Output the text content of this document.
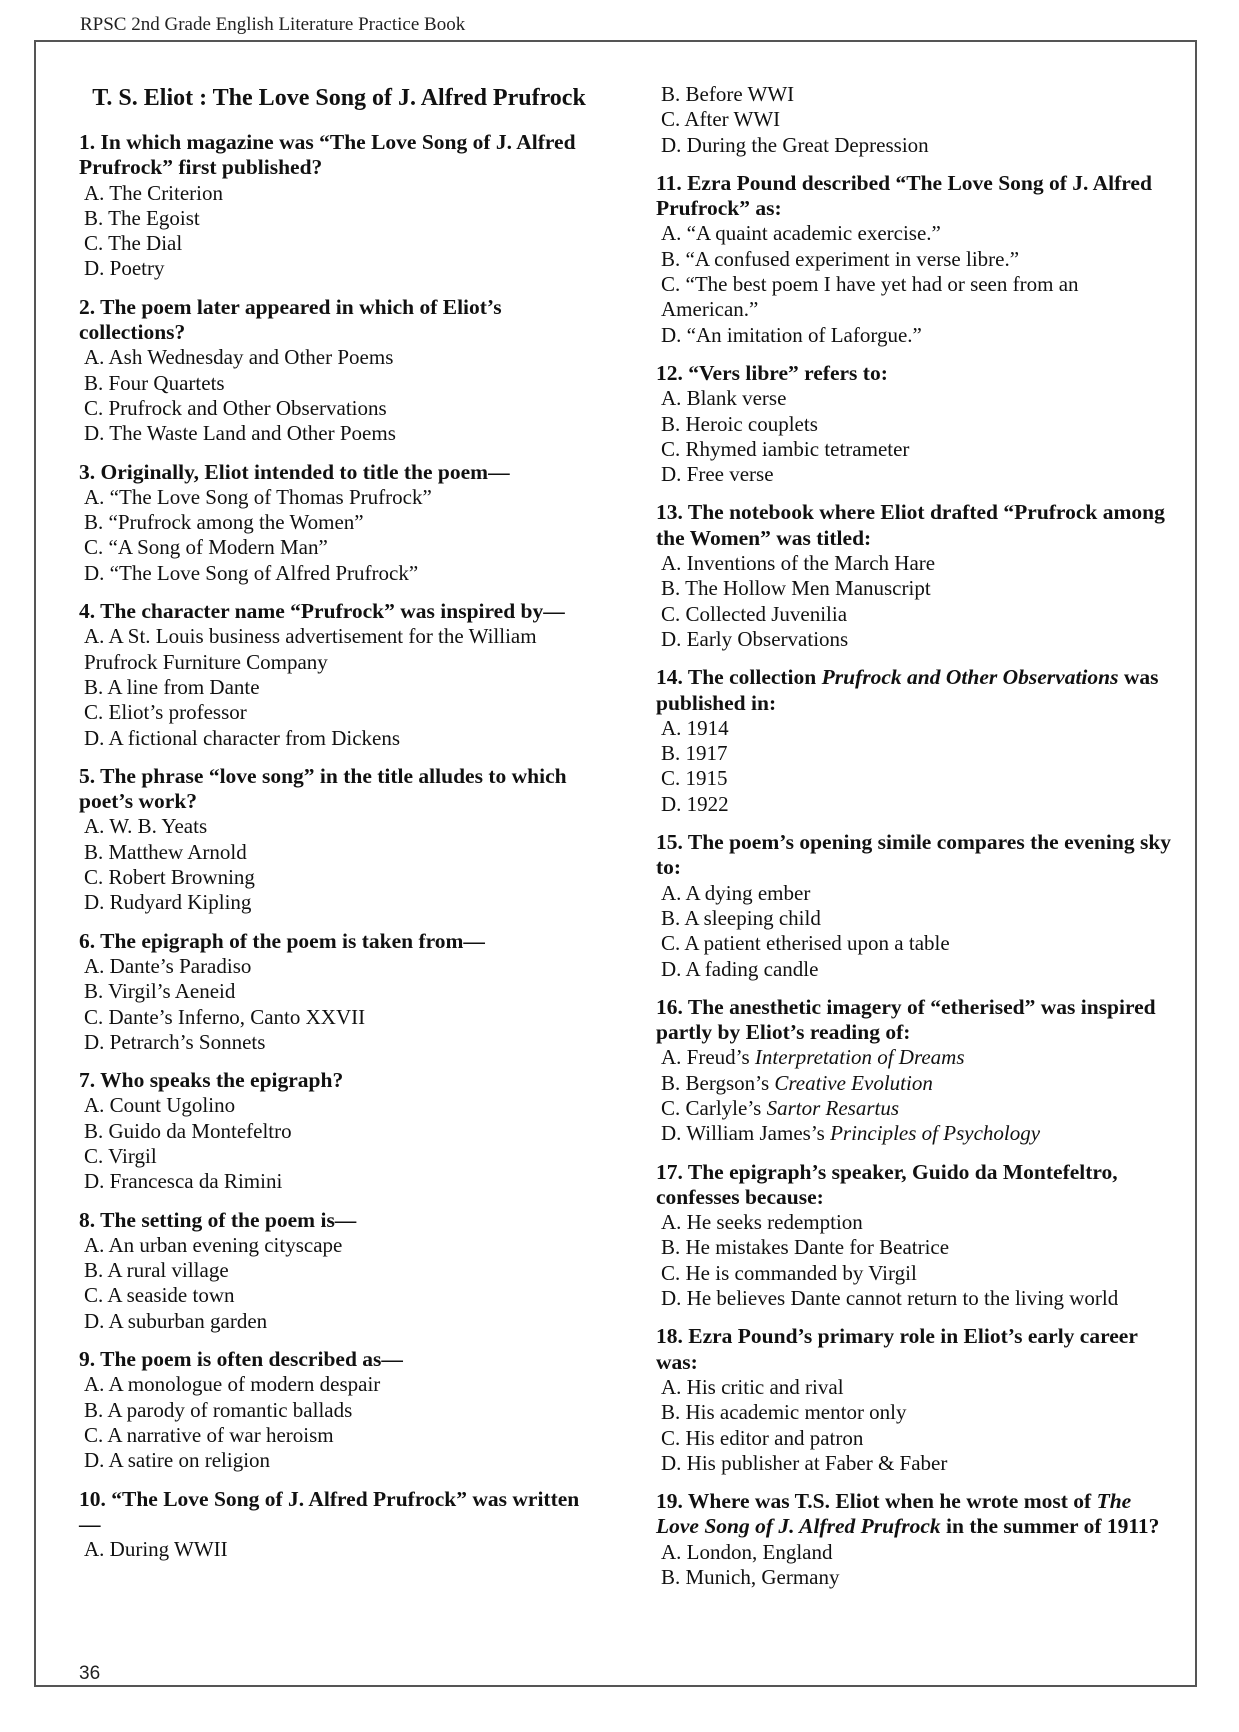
RPSC 2nd Grade English Literature Practice Book
T. S. Eliot : The Love Song of J. Alfred Prufrock
1. In which magazine was “The Love Song of J. Alfred Prufrock” first published?
A. The Criterion
B. The Egoist
C. The Dial
D. Poetry
2. The poem later appeared in which of Eliot’s collections?
A. Ash Wednesday and Other Poems
B. Four Quartets
C. Prufrock and Other Observations
D. The Waste Land and Other Poems
3. Originally, Eliot intended to title the poem—
A. “The Love Song of Thomas Prufrock”
B. “Prufrock among the Women”
C. “A Song of Modern Man”
D. “The Love Song of Alfred Prufrock”
4. The character name “Prufrock” was inspired by—
A. A St. Louis business advertisement for the William Prufrock Furniture Company
B. A line from Dante
C. Eliot’s professor
D. A fictional character from Dickens
5. The phrase “love song” in the title alludes to which poet’s work?
A. W. B. Yeats
B. Matthew Arnold
C. Robert Browning
D. Rudyard Kipling
6. The epigraph of the poem is taken from—
A. Dante’s Paradiso
B. Virgil’s Aeneid
C. Dante’s Inferno, Canto XXVII
D. Petrarch’s Sonnets
7. Who speaks the epigraph?
A. Count Ugolino
B. Guido da Montefeltro
C. Virgil
D. Francesca da Rimini
8. The setting of the poem is—
A. An urban evening cityscape
B. A rural village
C. A seaside town
D. A suburban garden
9. The poem is often described as—
A. A monologue of modern despair
B. A parody of romantic ballads
C. A narrative of war heroism
D. A satire on religion
10. “The Love Song of J. Alfred Prufrock” was written—
A. During WWII
B. Before WWI
C. After WWI
D. During the Great Depression
11. Ezra Pound described “The Love Song of J. Alfred Prufrock” as:
A. “A quaint academic exercise.”
B. “A confused experiment in verse libre.”
C. “The best poem I have yet had or seen from an American.”
D. “An imitation of Laforgue.”
12. “Vers libre” refers to:
A. Blank verse
B. Heroic couplets
C. Rhymed iambic tetrameter
D. Free verse
13. The notebook where Eliot drafted “Prufrock among the Women” was titled:
A. Inventions of the March Hare
B. The Hollow Men Manuscript
C. Collected Juvenilia
D. Early Observations
14. The collection Prufrock and Other Observations was published in:
A. 1914
B. 1917
C. 1915
D. 1922
15. The poem’s opening simile compares the evening sky to:
A. A dying ember
B. A sleeping child
C. A patient etherised upon a table
D. A fading candle
16. The anesthetic imagery of “etherised” was inspired partly by Eliot’s reading of:
A. Freud’s Interpretation of Dreams
B. Bergson’s Creative Evolution
C. Carlyle’s Sartor Resartus
D. William James’s Principles of Psychology
17. The epigraph’s speaker, Guido da Montefeltro, confesses because:
A. He seeks redemption
B. He mistakes Dante for Beatrice
C. He is commanded by Virgil
D. He believes Dante cannot return to the living world
18. Ezra Pound’s primary role in Eliot’s early career was:
A. His critic and rival
B. His academic mentor only
C. His editor and patron
D. His publisher at Faber & Faber
19. Where was T.S. Eliot when he wrote most of The Love Song of J. Alfred Prufrock in the summer of 1911?
A. London, England
B. Munich, Germany
36
